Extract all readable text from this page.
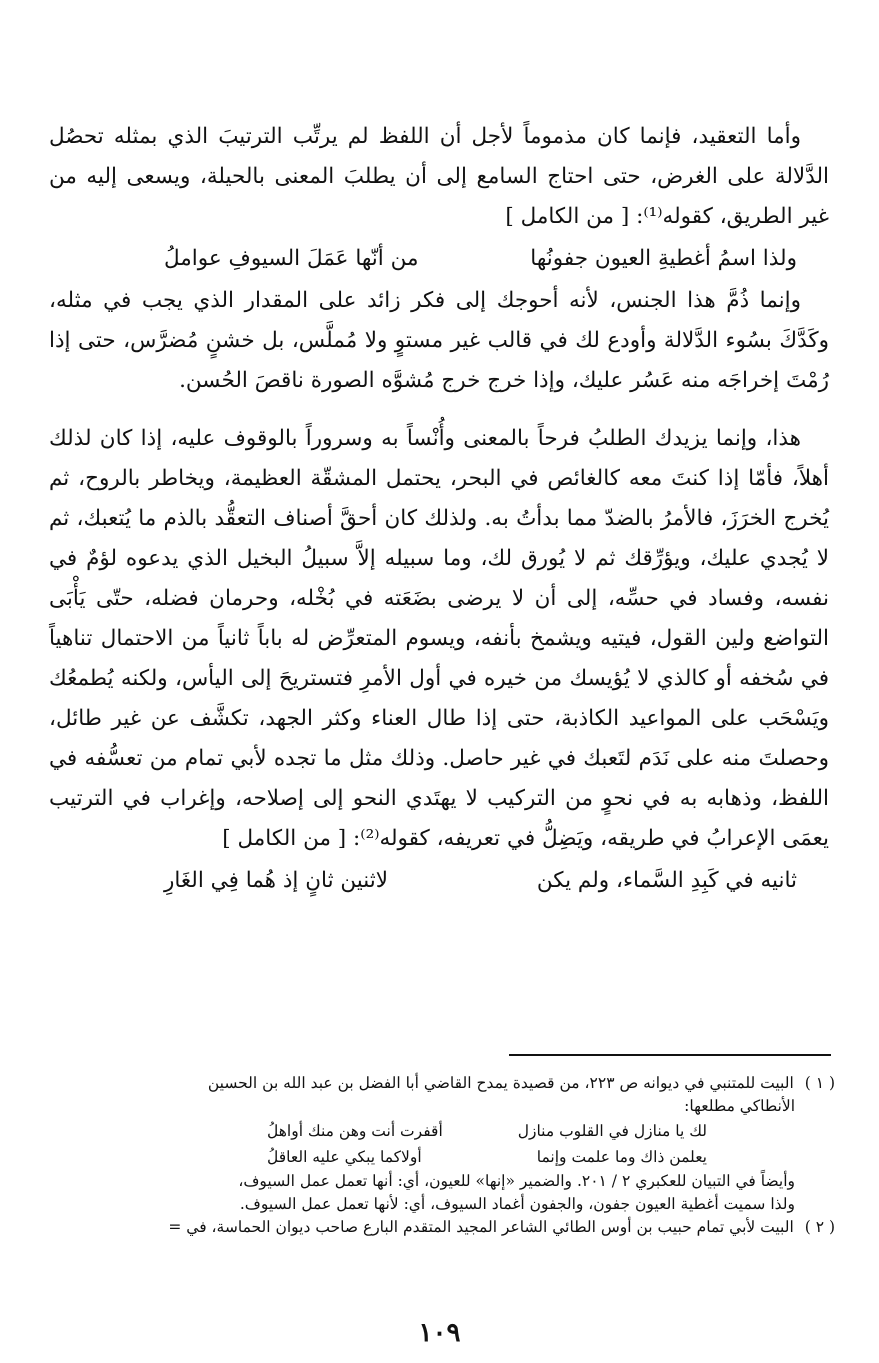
وأما التعقيد، فإنما كان مذموماً لأجل أن اللفظ لم يرتِّب الترتيبَ الذي بمثله تحصُل الدَّلالة على الغرض، حتى احتاج السامع إلى أن يطلبَ المعنى بالحيلة، ويسعى إليه من غير الطريق، كقوله⁽¹⁾: [ من الكامل ]

ولذا اسمُ أغطيةِ العيون جفونُها
من أنّها عَمَلَ السيوفِ عواملُ

وإنما ذُمَّ هذا الجنس، لأنه أحوجك إلى فكر زائد على المقدار الذي يجب في مثله، وكَدَّكَ بسُوء الدَّلالة وأودع لك في قالب غير مستوٍ ولا مُملَّس، بل خشنٍ مُضرَّس، حتى إذا رُمْتَ إخراجَه منه عَسُر عليك، وإذا خرج خرج مُشوَّه الصورة ناقصَ الحُسن.

هذا، وإنما يزيدك الطلبُ فرحاً بالمعنى وأُنْساً به وسروراً بالوقوف عليه، إذا كان لذلك أهلاً، فأمّا إذا كنتَ معه كالغائص في البحر، يحتمل المشقّة العظيمة، ويخاطر بالروح، ثم يُخرج الخرَزَ، فالأمرُ بالضدّ مما بدأتُ به. ولذلك كان أحقَّ أصناف التعقُّد بالذم ما يُتعبك، ثم لا يُجدي عليك، ويؤرِّقك ثم لا يُورق لك، وما سبيله إلاَّ سبيلُ البخيل الذي يدعوه لؤمٌ في نفسه، وفساد في حسِّه، إلى أن لا يرضى بضَعَته في بُخْله، وحرمان فضله، حتّى يَأْبَى التواضع ولين القول، فيتيه ويشمخ بأنفه، ويسوم المتعرِّض له باباً ثانياً من الاحتمال تناهياً في سُخفه أو كالذي لا يُؤيسك من خيره في أول الأمرِ فتستريحَ إلى اليأس، ولكنه يُطمعُك ويَسْحَب على المواعيد الكاذبة، حتى إذا طال العناء وكثر الجهد، تكشَّف عن غير طائل، وحصلتَ منه على نَدَم لتَعبك في غير حاصل. وذلك مثل ما تجده لأبي تمام من تعسُّفه في اللفظ، وذهابه به في نحوٍ من التركيب لا يهتَدي النحو إلى إصلاحه، وإغراب في الترتيب يعمَى الإعرابُ في طريقه، ويَضِلُّ في تعريفه، كقوله⁽²⁾: [ من الكامل ]

ثانيه في كَبِدِ السَّماء، ولم يكن
لاثنين ثانٍ إذ هُما فِي الغَارِ

( ١ ) البيت للمتنبي في ديوانه ص ٢٢٣، من قصيدة يمدح القاضي أبا الفضل بن عبد الله بن الحسين

الأنطاكي مطلعها:

لك يا منازل في القلوب منازل
أقفرت أنت وهن منك أواهلُ
يعلمن ذاك وما علمت وإنما
أولاكما يبكي عليه العاقلُ

وأيضاً في التبيان للعكبري ٢ / ٢٠١. والضمير «إنها» للعيون، أي: أنها تعمل عمل السيوف،

ولذا سميت أغطية العيون جفون، والجفون أغماد السيوف، أي: لأنها تعمل عمل السيوف.

( ٢ ) البيت لأبي تمام حبيب بن أوس الطائي الشاعر المجيد المتقدم البارع صاحب ديوان الحماسة، في =

١٠٩
